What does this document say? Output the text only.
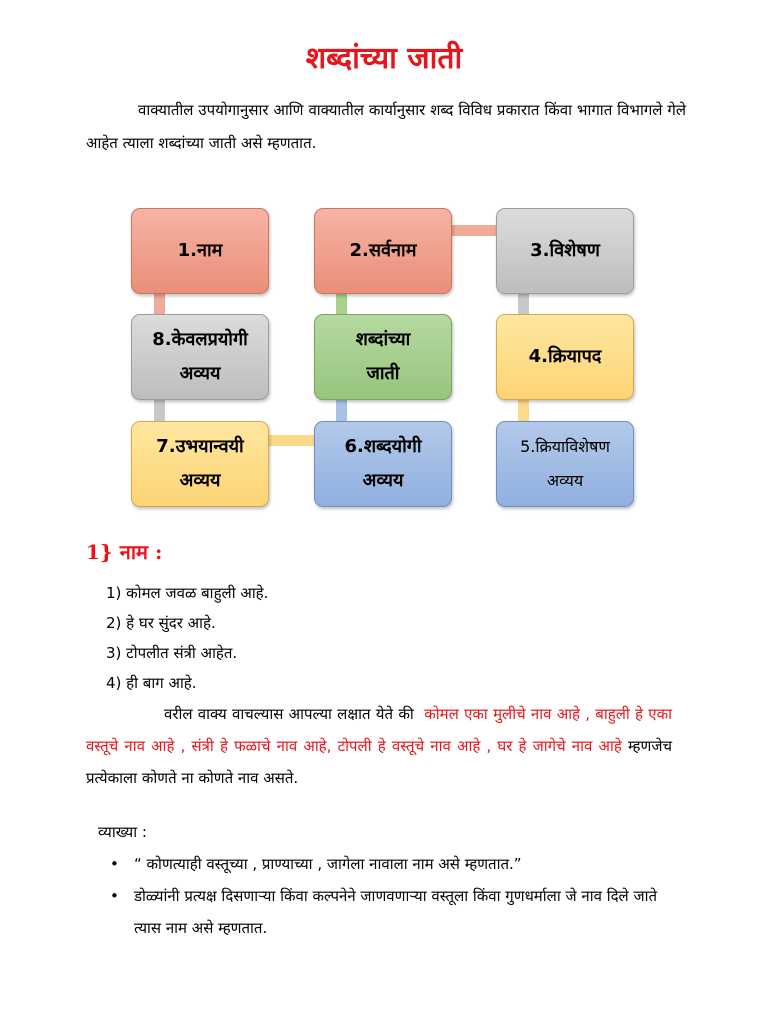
शब्दांच्या जाती
वाक्यातील उपयोगानुसार आणि वाक्यातील कार्यानुसार शब्द विविध प्रकारात किंवा भागात विभागले गेले आहेत त्याला शब्दांच्या जाती असे म्हणतात.
1.नाम	2.सर्वनाम	3.विशेषण
8.केवलप्रयोगी
अव्यय
शब्दांच्या
जाती
4.क्रियापद
7.उभयान्वयी
अव्यय
6.शब्दयोगी
अव्यय
5.क्रियाविशेषण
अव्यय
1} नाम :
1) कोमल जवळ बाहुली आहे.
2) हे घर सुंदर आहे.
3) टोपलीत संत्री आहेत.
4) ही बाग आहे.
वरील वाक्य वाचल्यास आपल्या लक्षात येते की कोमल एका मुलीचे नाव आहे , बाहुली हे एका वस्तूचे नाव आहे , संत्री हे फळाचे नाव आहे, टोपली हे वस्तूचे नाव आहे , घर हे जागेचे नाव आहे म्हणजेच प्रत्येकाला कोणते ना कोणते नाव असते.
व्याख्या :
• “ कोणत्याही वस्तूच्या , प्राण्याच्या , जागेला नावाला नाम असे म्हणतात.”
• डोळ्यांनी प्रत्यक्ष दिसणाऱ्या किंवा कल्पनेने जाणवणाऱ्या वस्तूला किंवा गुणधर्माला जे नाव दिले जाते त्यास नाम असे म्हणतात.
